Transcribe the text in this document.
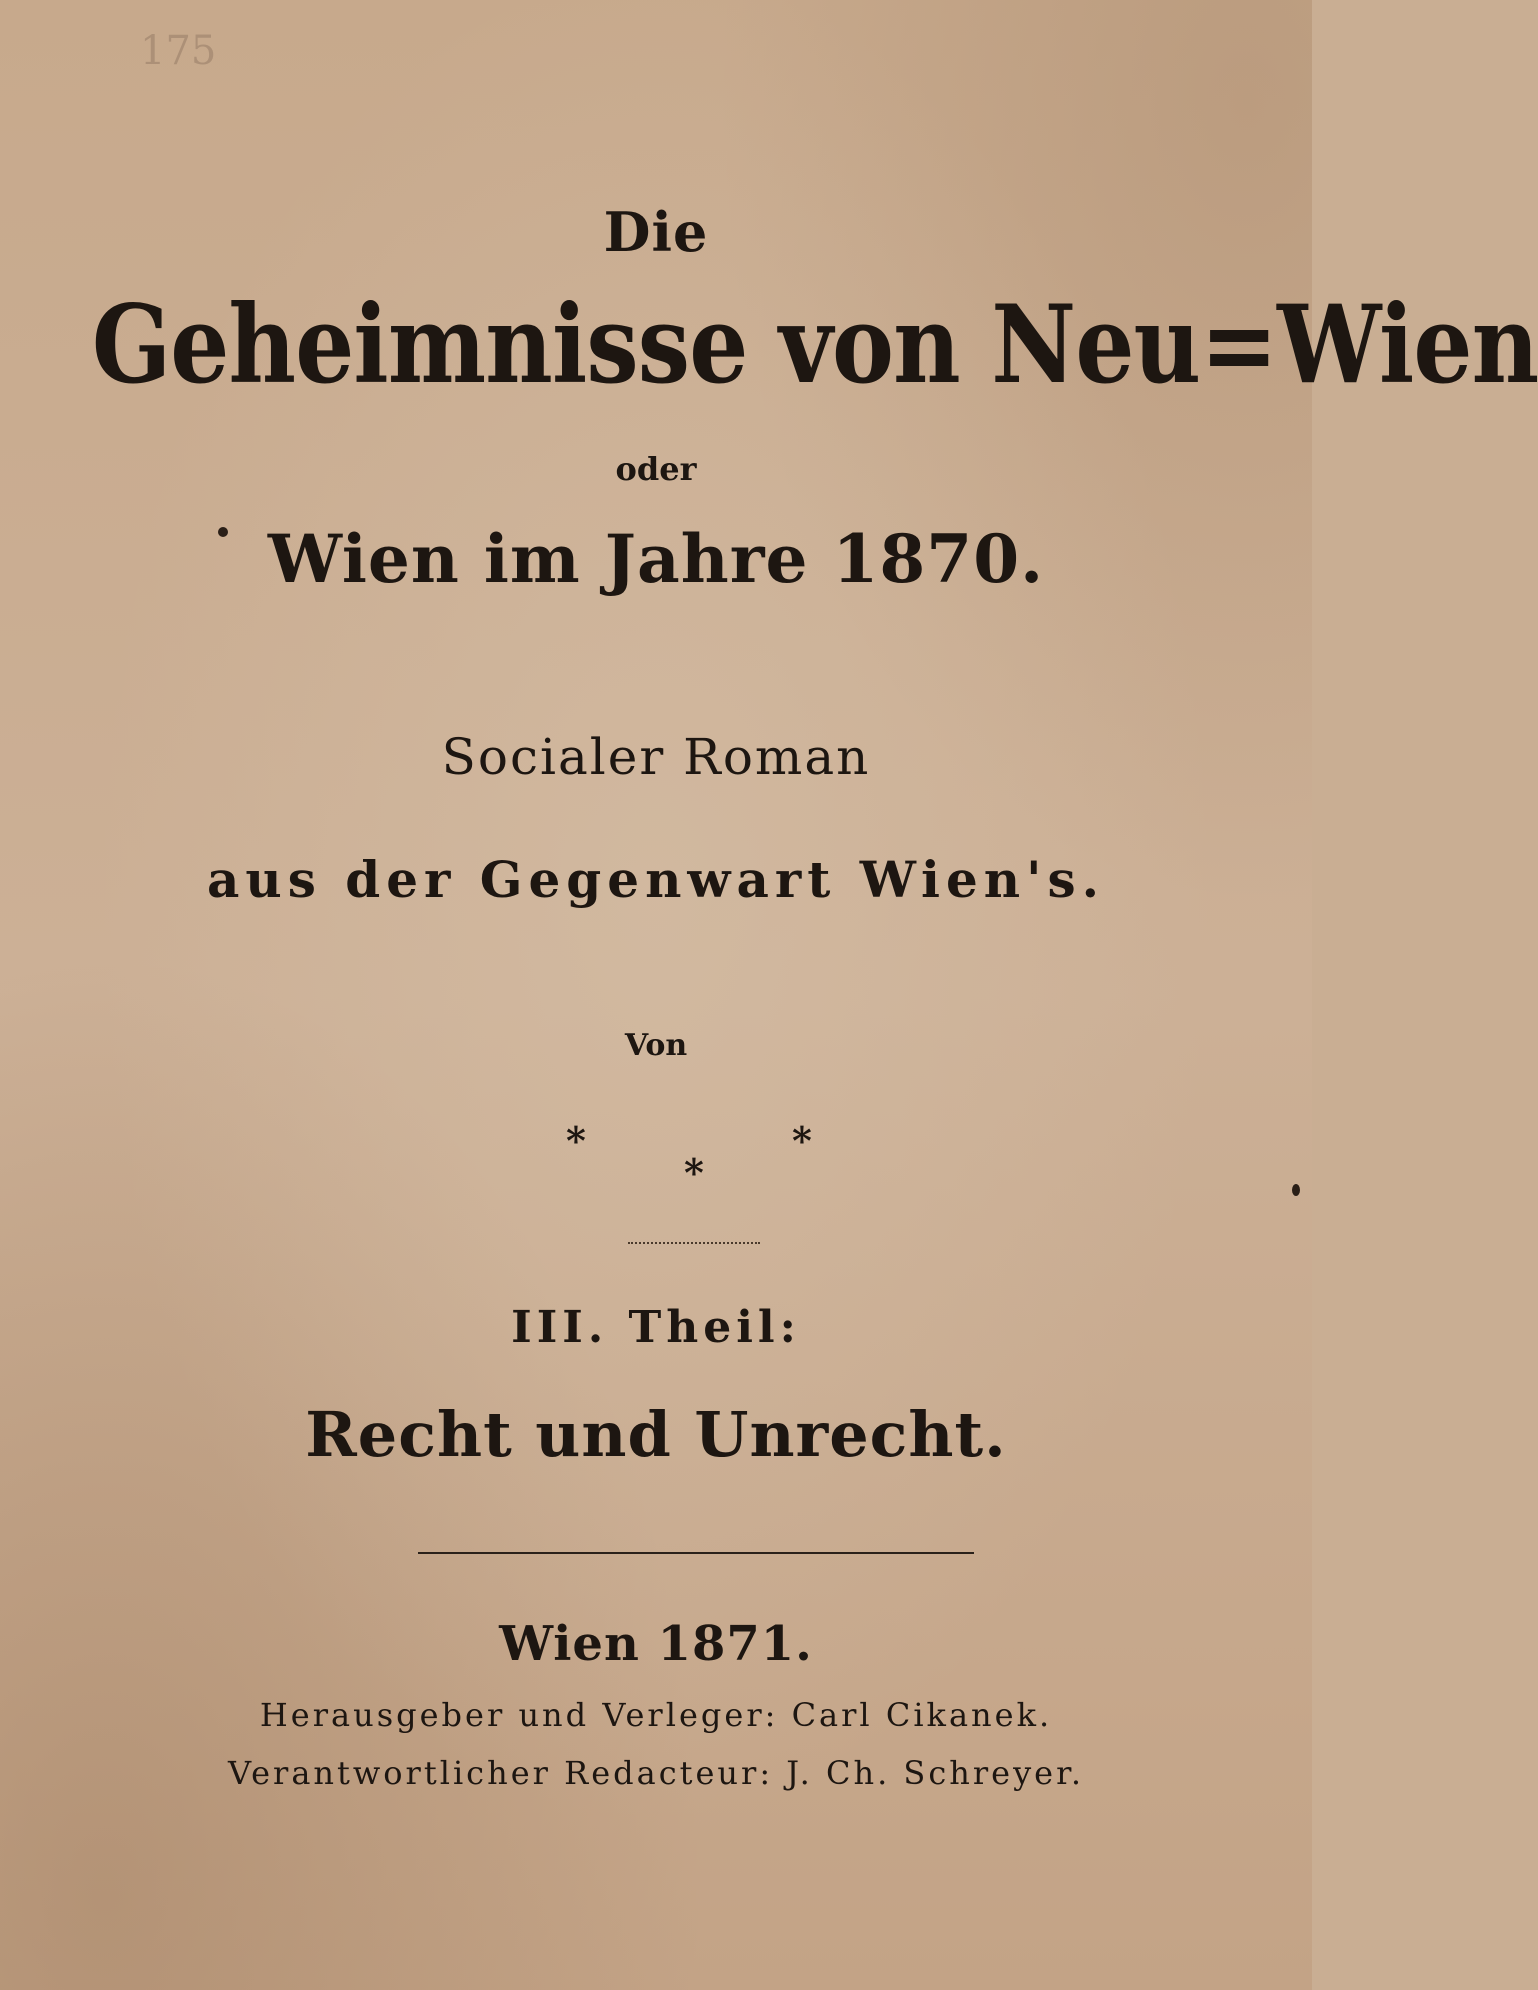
175
Die
Geheimnisse von Neu=Wien
oder
Wien im Jahre 1870.
Socialer Roman
aus der Gegenwart Wien's.
Von
*
*
*
III. Theil:
Recht und Unrecht.
Wien 1871.
Herausgeber und Verleger: Carl Cikanek.
Verantwortlicher Redacteur: J. Ch. Schreyer.
